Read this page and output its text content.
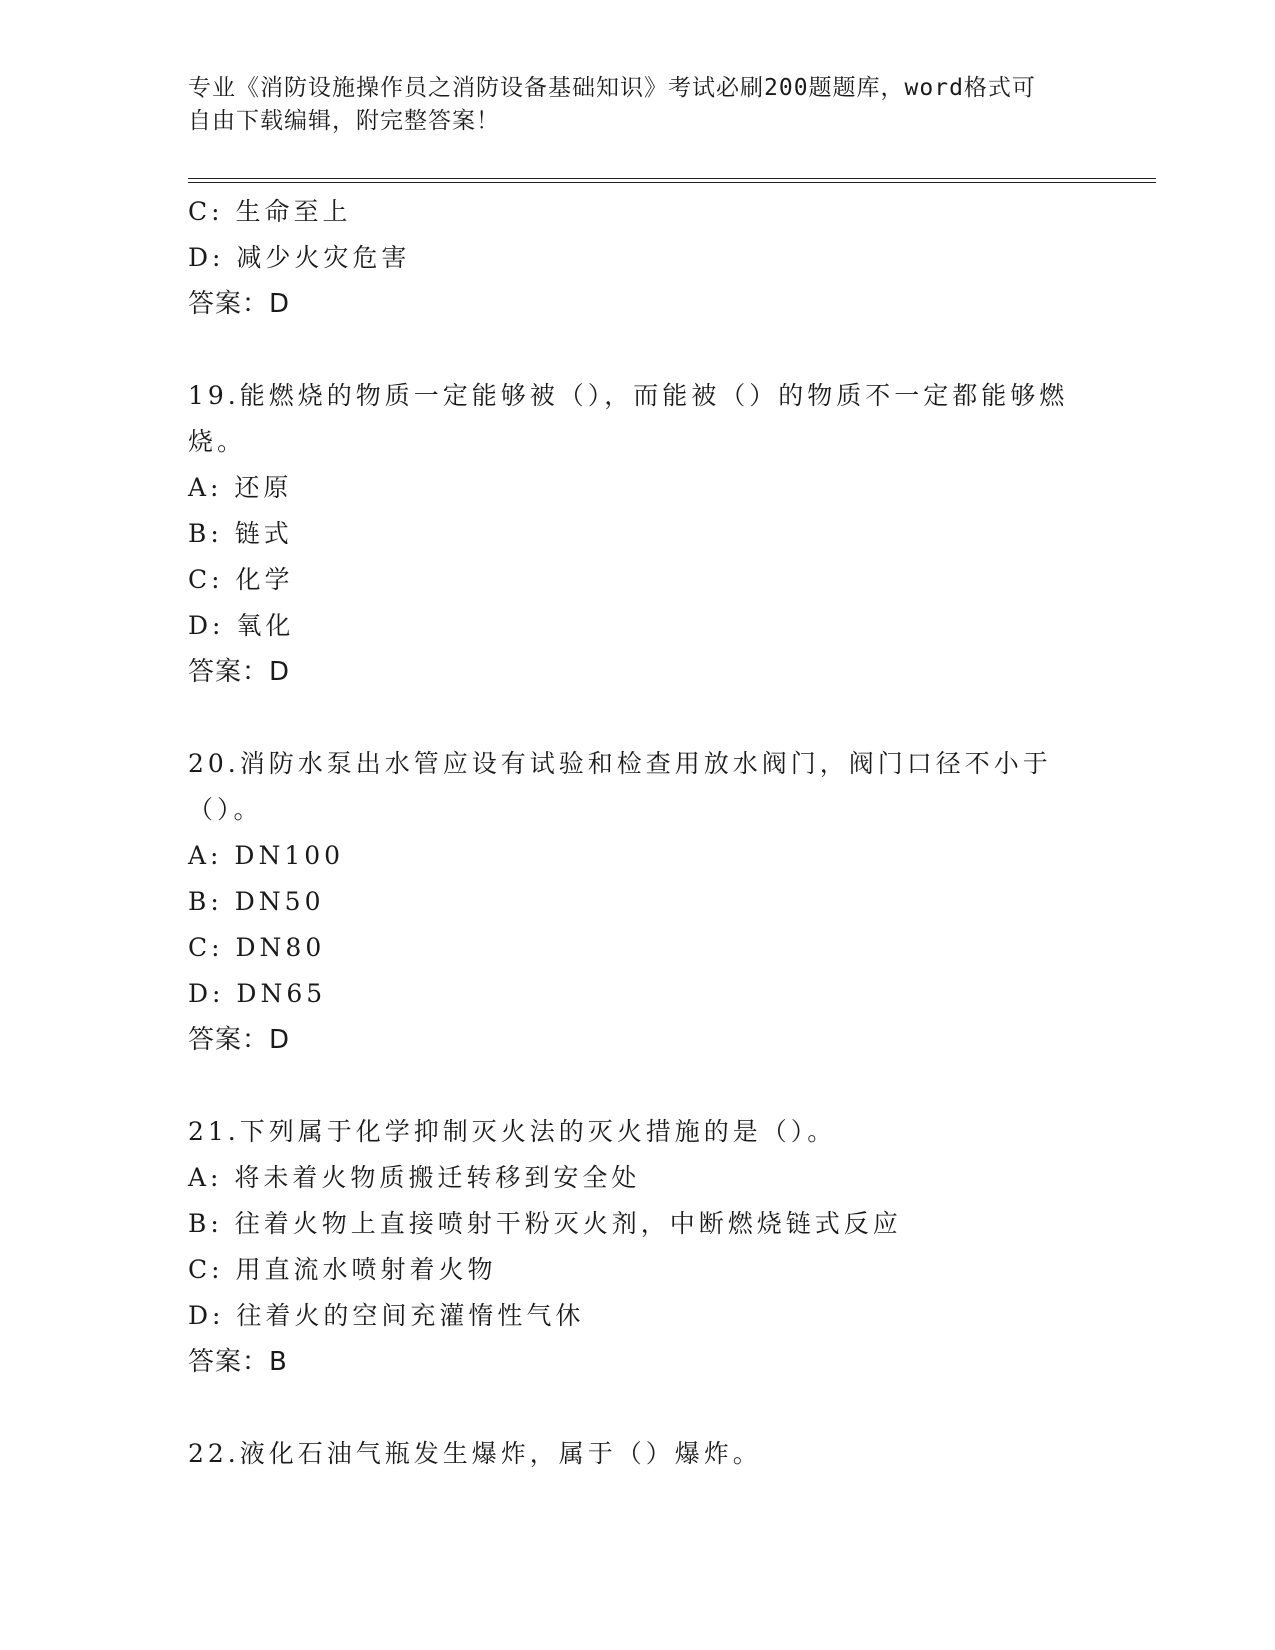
专业《消防设施操作员之消防设备基础知识》考试必刷200题题库，word格式可
自由下载编辑，附完整答案！
C: 生命至上
D: 减少火灾危害
答案：D
19.能燃烧的物质一定能够被（），而能被（）的物质不一定都能够燃烧。
A: 还原
B: 链式
C: 化学
D: 氧化
答案：D
20.消防水泵出水管应设有试验和检查用放水阀门，阀门口径不小于（）。
A: DN100
B: DN50
C: DN80
D: DN65
答案：D
21.下列属于化学抑制灭火法的灭火措施的是（）。
A: 将未着火物质搬迁转移到安全处
B: 往着火物上直接喷射干粉灭火剂，中断燃烧链式反应
C: 用直流水喷射着火物
D: 往着火的空间充灌惰性气休
答案：B
22.液化石油气瓶发生爆炸，属于（）爆炸。
